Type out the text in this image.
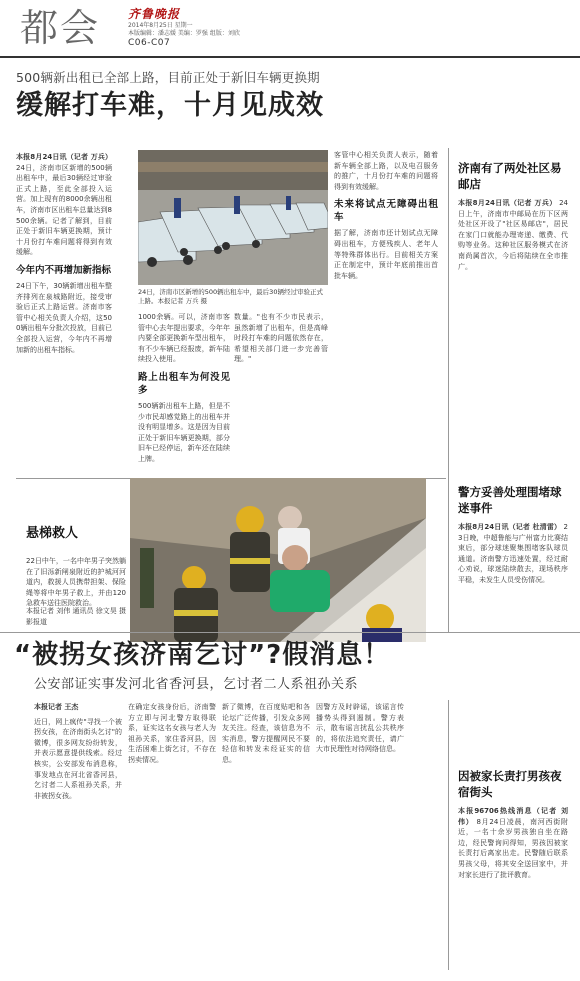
都会 齐鲁晚报
2014年8月25日 星期一
本版编辑：潘志媛 美编：罗强 组版：刘欣
C06-C07
500辆新出租已全部上路，目前正处于新旧车辆更换期
缓解打车难，十月见成效
本报8月24日讯（记者 万兵） 24日，济南市区新增的500辆出租车中，最后30辆经过审验正式上路，至此全部投入运营。加上现有的8000余辆出租车，济南市区出租车总量达到8500余辆。记者了解到，目前正处于新旧车辆更换期，预计十月份打车难问题将得到有效缓解。
今年内不再增加新指标
24日下午，30辆新增出租车整齐排列在泉城路附近，接受审验后正式上路运营。济南市客管中心相关负责人介绍，这500辆出租车分批次投放，目前已全部投入运营，今年内不再增加新的出租车指标。
24日，济南市区新增的500辆出租车中，最后30辆经过审验正式上路。本报记者 万兵 摄
1000余辆。可以，济南市客管中心去年提出要求，今年年内要全部更换新车型出租车，有不少车辆已经报废，新车陆续投入使用。
路上出租车为何没见多
500辆新出租车上路，但是不少市民却感觉路上的出租车并没有明显增多。这是因为目前正处于新旧车辆更换期，部分旧车已经停运，新车还在陆续上牌。
数量。"也有不少市民表示，虽然新增了出租车，但是高峰时段打车难的问题依然存在，希望相关部门进一步完善管理。"
客管中心相关负责人表示，随着新车辆全部上路，以及电召服务的推广，十月份打车难的问题将得到有效缓解。
未来将试点无障碍出租车
据了解，济南市还计划试点无障碍出租车，方便残疾人、老年人等特殊群体出行。目前相关方案正在制定中，预计年底前推出首批车辆。
济南有了两处社区易邮店
本报8月24日讯（记者 万兵） 24日上午，济南市中邮局在历下区两处社区开设了"社区易邮店"，居民在家门口就能办理寄递、缴费、代购等业务。这种社区服务模式在济南尚属首次，今后将陆续在全市推广。
悬梯救人
22日中午，一名中年男子突然躺在了旧泺新闸泉附近的护城河河道内，救援人员携带担架、保险绳等将中年男子救上，并由120急救车送往医院救治。
本报记者 刘伟 通讯员 徐文昊 摄影报道
警方妥善处理围堵球迷事件
本报8月24日讯（记者 杜清雷） 23日晚，中超鲁能与广州富力比赛结束后，部分球迷聚集围堵客队球员通道。济南警方迅速处置，经过耐心劝说，球迷陆续散去，现场秩序平稳，未发生人员受伤情况。
“被拐女孩济南乞讨”?假消息！
公安部证实事发河北省香河县，乞讨者二人系祖孙关系
本报记者 王杰
近日，网上疯传"寻找一个被拐女孩，在济南街头乞讨"的微博，很多网友纷纷转发，并表示愿意提供线索。经过核实，公安部发布消息称，事发地点在河北省香河县，乞讨者二人系祖孙关系，并非被拐女孩。
在确定女孩身份后，济南警方立即与河北警方取得联系，证实这名女孩与老人为祖孙关系，家住香河县，因生活困难上街乞讨，不存在拐卖情况。
新了微博，在百度贴吧和各论坛广泛传播，引发众多网友关注。经查，该信息为不实消息，警方提醒网民不要轻信和转发未经证实的信息。
因警方及时辟谣，该谣言传播势头得到遏制。警方表示，散布谣言扰乱公共秩序的，将依法追究责任，请广大市民理性对待网络信息。
因被家长责打男孩夜宿街头
本报96706热线消息（记者 刘伟） 8月24日凌晨，南河西街附近，一名十余岁男孩独自坐在路边，经民警询问得知，男孩因被家长责打后离家出走。民警随后联系男孩父母，将其安全送回家中，并对家长进行了批评教育。
